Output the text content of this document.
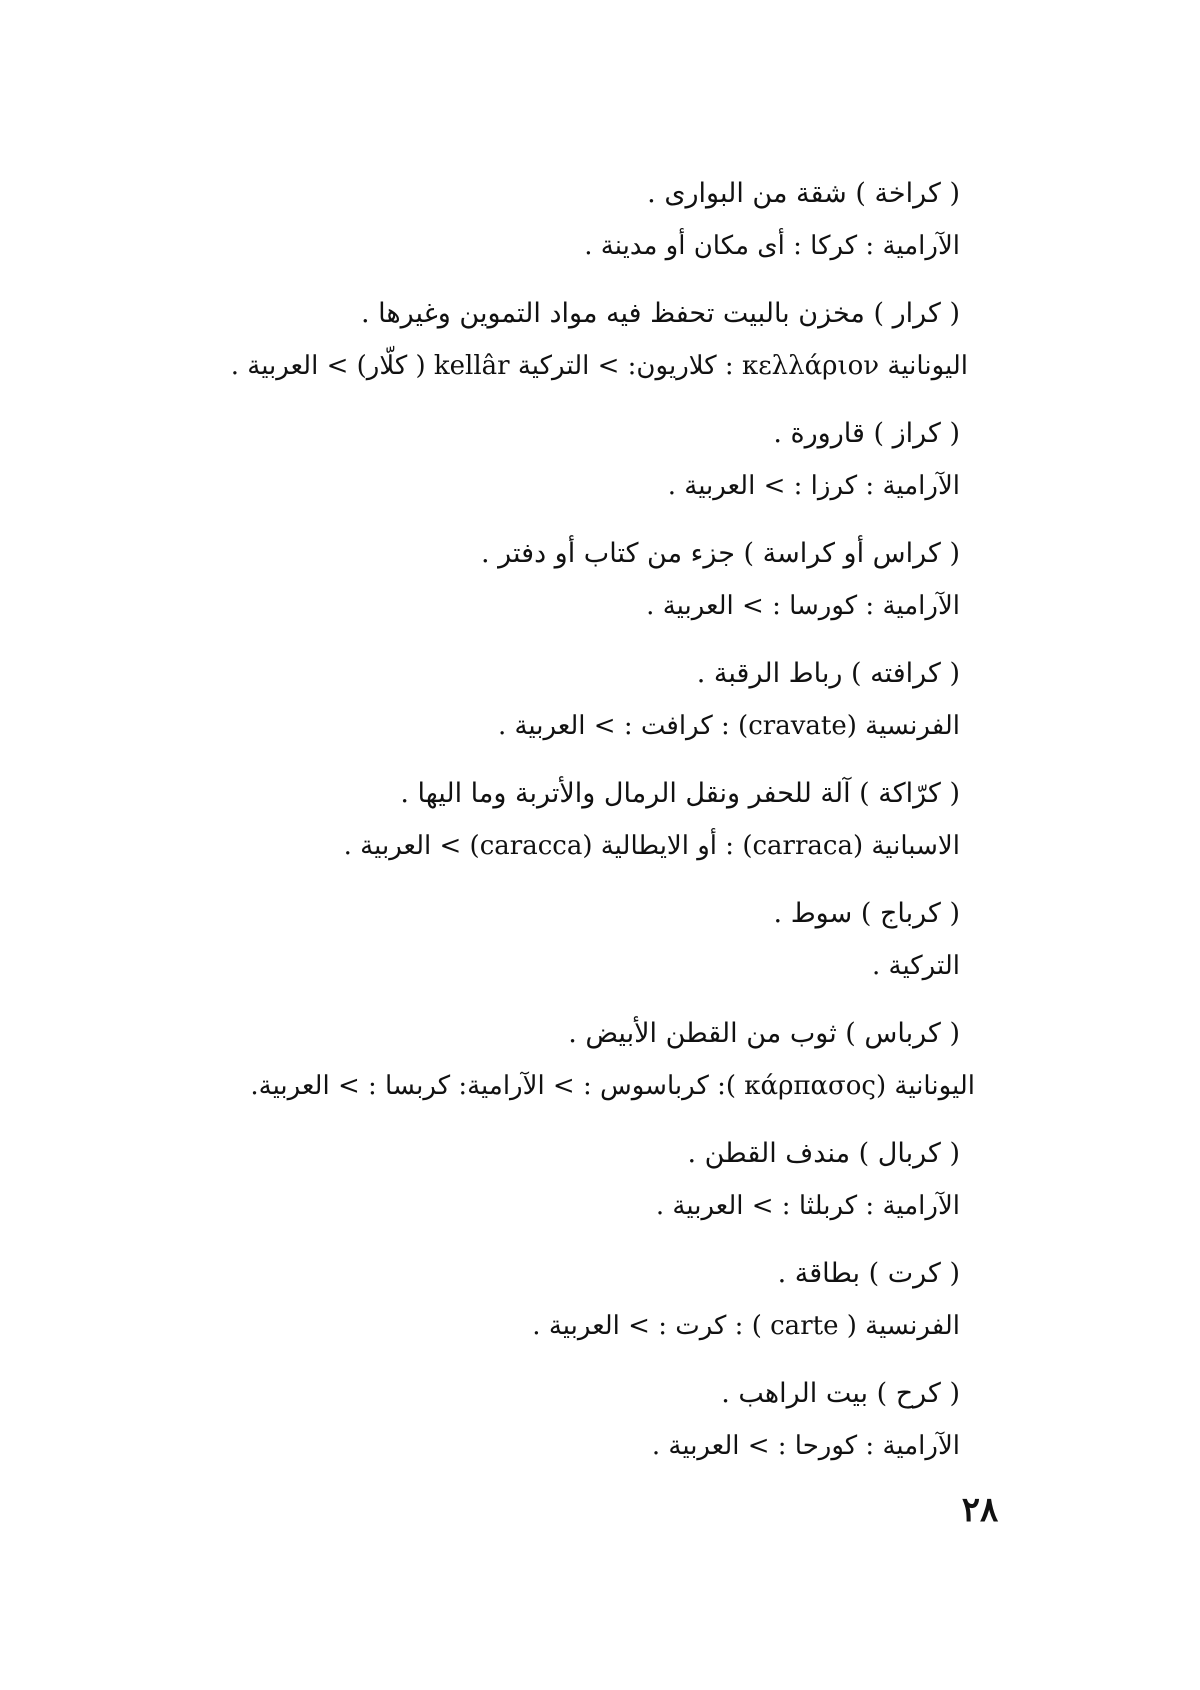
( كراخة ) شقة من البوارى .
الآرامية : كركا : أى مكان أو مدينة .
( كرار ) مخزن بالبيت تحفظ فيه مواد التموين وغيرها .
اليونانية κελλάριον : كلاريون: > التركية kellâr ( كلّار) > العربية .
( كراز ) قارورة .
الآرامية : كرزا : > العربية .
( كراس أو كراسة ) جزء من كتاب أو دفتر .
الآرامية : كورسا : > العربية .
( كرافته ) رباط الرقبة .
الفرنسية (cravate) : كرافت : > العربية .
( كرّاكة ) آلة للحفر ونقل الرمال والأتربة وما اليها .
الاسبانية (carraca) : أو الايطالية (caracca) > العربية .
( كرباج ) سوط .
التركية .
( كرباس ) ثوب من القطن الأبيض .
اليونانية (κάρπασος ): كرباسوس : > الآرامية: كربسا : > العربية.
( كربال ) مندف القطن .
الآرامية : كربلثا : > العربية .
( كرت ) بطاقة .
الفرنسية ( carte ) : كرت : > العربية .
( كرح ) بيت الراهب .
الآرامية : كورحا : > العربية .
٢٨
